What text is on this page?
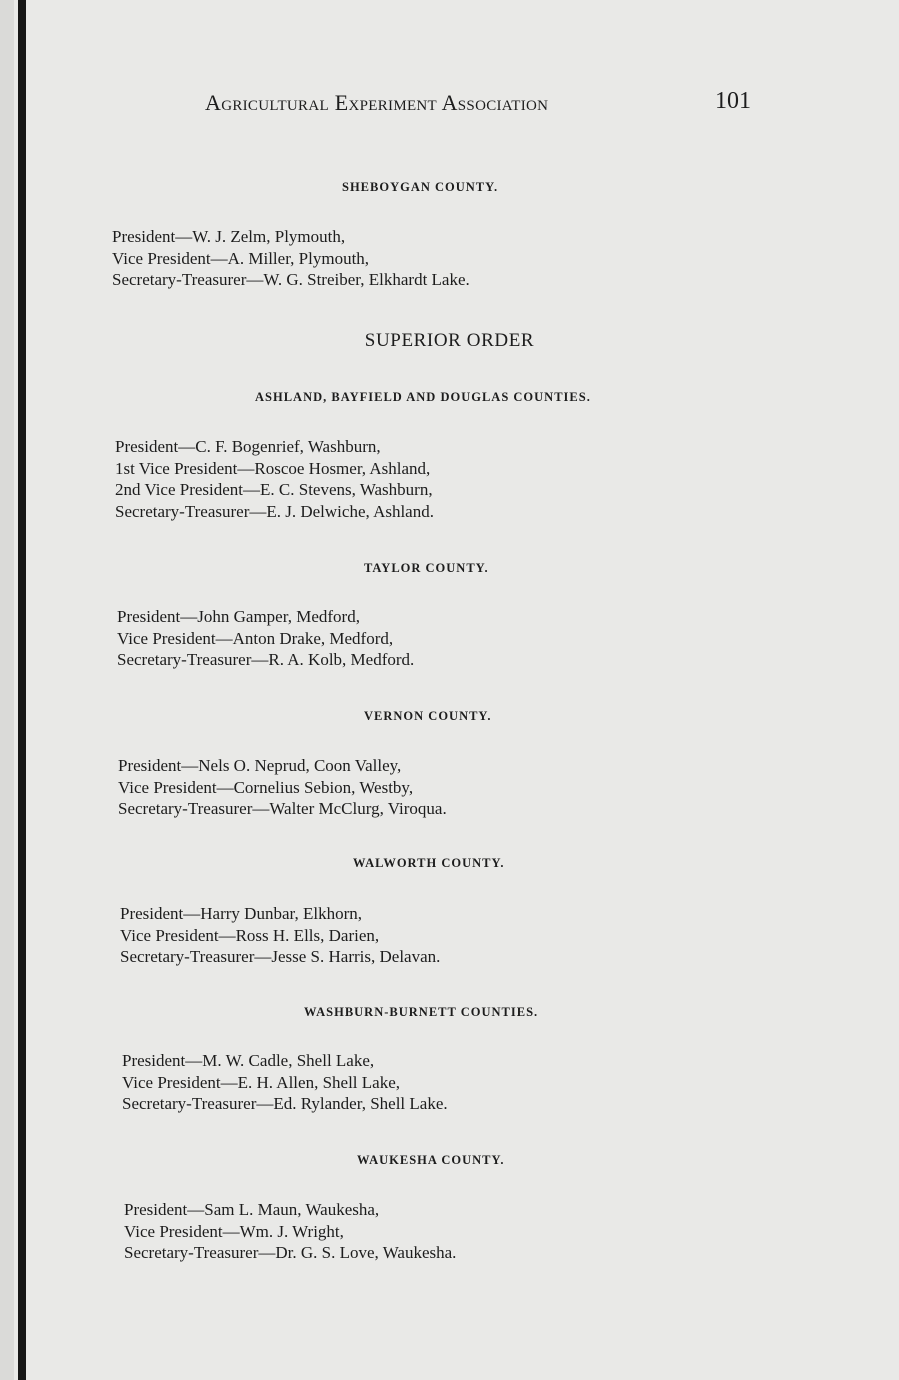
Agricultural Experiment Association	101
SHEBOYGAN COUNTY.
President—W. J. Zelm, Plymouth,
Vice President—A. Miller, Plymouth,
Secretary-Treasurer—W. G. Streiber, Elkhardt Lake.
SUPERIOR ORDER
ASHLAND, BAYFIELD AND DOUGLAS COUNTIES.
President—C. F. Bogenrief, Washburn,
1st Vice President—Roscoe Hosmer, Ashland,
2nd Vice President—E. C. Stevens, Washburn,
Secretary-Treasurer—E. J. Delwiche, Ashland.
TAYLOR COUNTY.
President—John Gamper, Medford,
Vice President—Anton Drake, Medford,
Secretary-Treasurer—R. A. Kolb, Medford.
VERNON COUNTY.
President—Nels O. Neprud, Coon Valley,
Vice President—Cornelius Sebion, Westby,
Secretary-Treasurer—Walter McClurg, Viroqua.
WALWORTH COUNTY.
President—Harry Dunbar, Elkhorn,
Vice President—Ross H. Ells, Darien,
Secretary-Treasurer—Jesse S. Harris, Delavan.
WASHBURN-BURNETT COUNTIES.
President—M. W. Cadle, Shell Lake,
Vice President—E. H. Allen, Shell Lake,
Secretary-Treasurer—Ed. Rylander, Shell Lake.
WAUKESHA COUNTY.
President—Sam L. Maun, Waukesha,
Vice President—Wm. J. Wright,
Secretary-Treasurer—Dr. G. S. Love, Waukesha.
